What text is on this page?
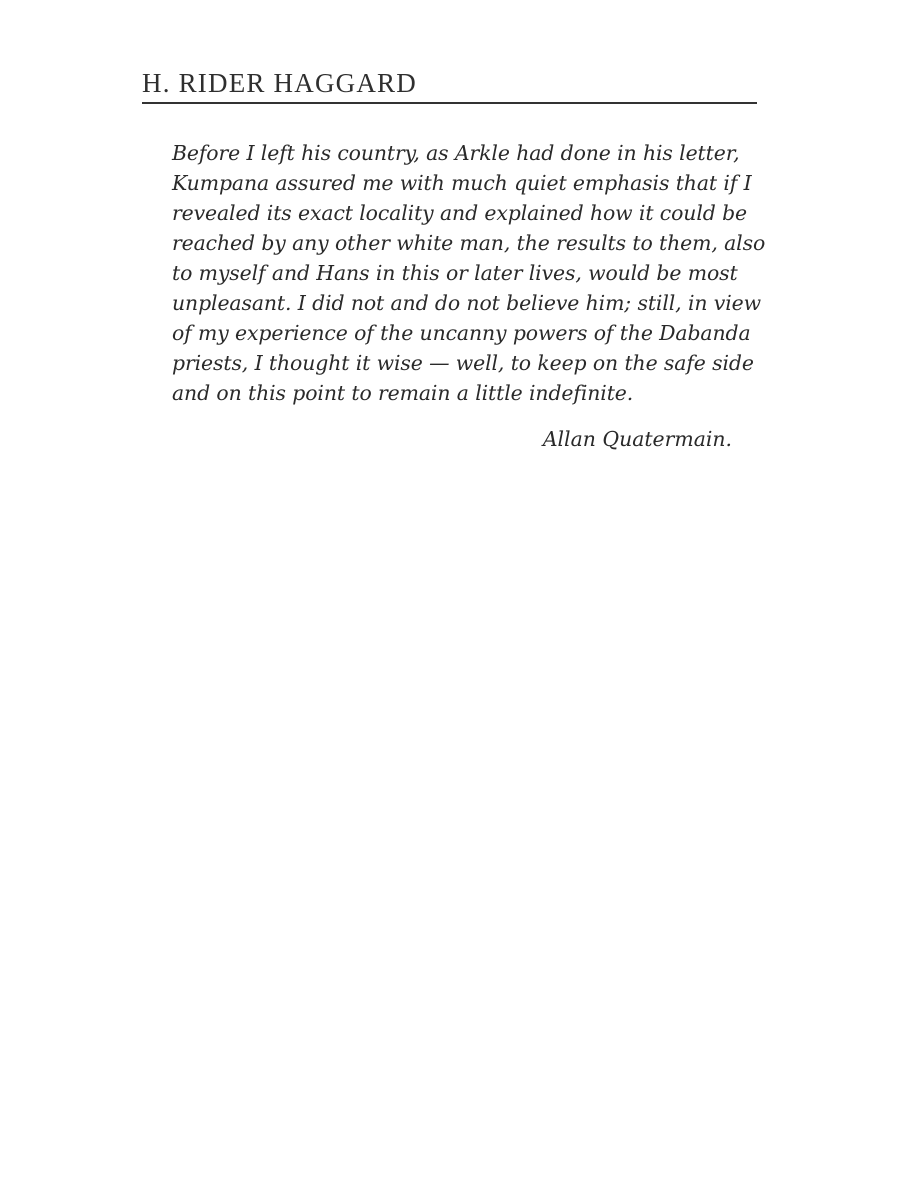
H. RIDER HAGGARD
Before I left his country, as Arkle had done in his letter,
Kumpana assured me with much quiet emphasis that if I
revealed its exact locality and explained how it could be
reached by any other white man, the results to them, also
to myself and Hans in this or later lives, would be most
unpleasant. I did not and do not believe him; still, in view
of my experience of the uncanny powers of the Dabanda
priests, I thought it wise — well, to keep on the safe side
and on this point to remain a little indefinite.
Allan Quatermain.
